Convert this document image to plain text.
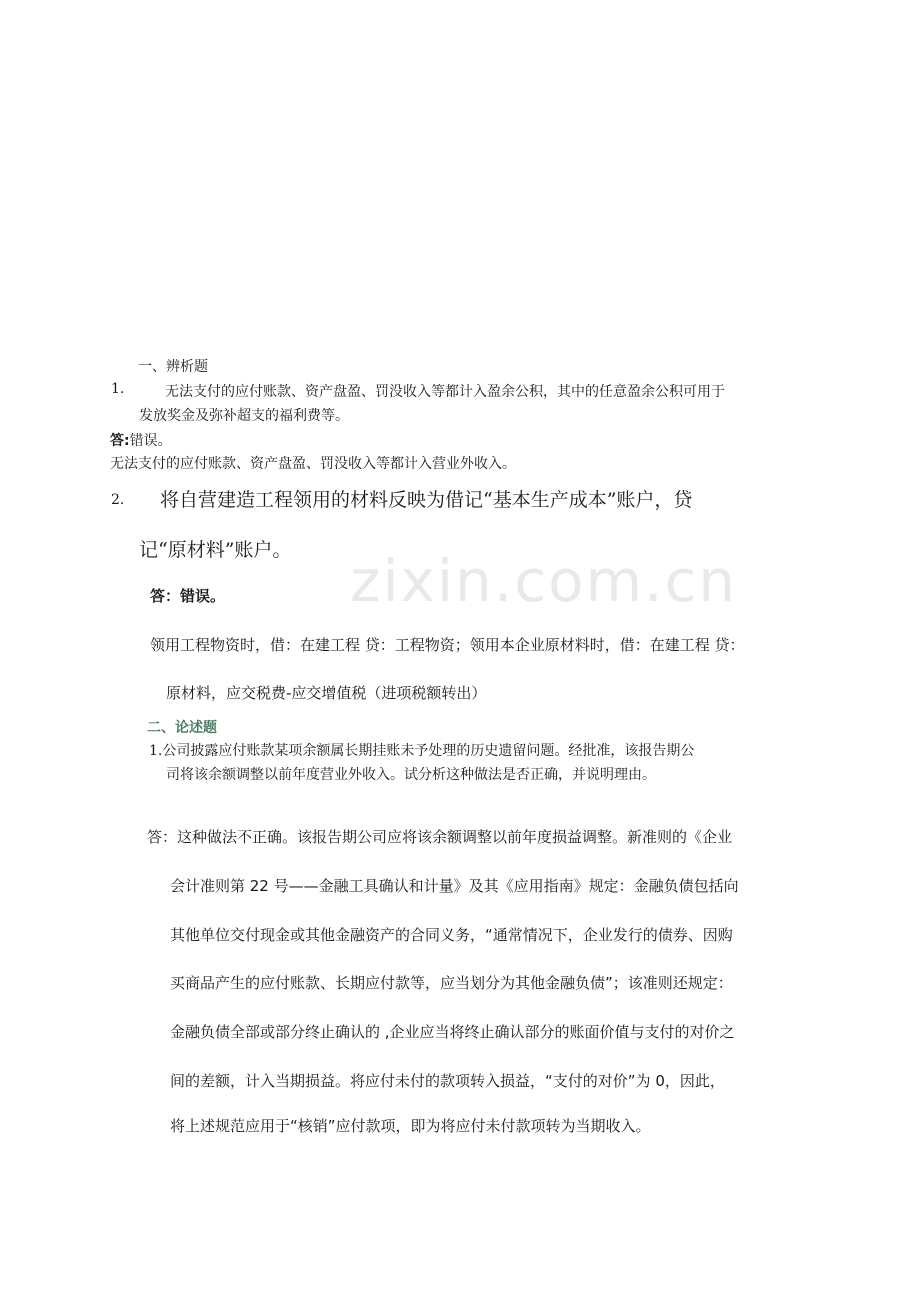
zixin.com.cn
一、辨析题
1.	无法支付的应付账款、资产盘盈、罚没收入等都计入盈余公积，其中的任意盈余公积可用于
发放奖金及弥补超支的福利费等。
答:错误。
无法支付的应付账款、资产盘盈、罚没收入等都计入营业外收入。
2. 将自营建造工程领用的材料反映为借记“基本生产成本”账户，贷
记“原材料”账户。
答：错误。
领用工程物资时，借：在建工程 贷：工程物资；领用本企业原材料时，借：在建工程 贷：
原材料，应交税费-应交增值税（进项税额转出）
二、论述题
1.公司披露应付账款某项余额属长期挂账未予处理的历史遗留问题。经批准，该报告期公
司将该余额调整以前年度营业外收入。试分析这种做法是否正确，并说明理由。
答：这种做法不正确。该报告期公司应将该余额调整以前年度损益调整。新准则的《企业
会计准则第 22 号——金融工具确认和计量》及其《应用指南》规定：金融负债包括向
其他单位交付现金或其他金融资产的合同义务，“通常情况下，企业发行的债券、因购
买商品产生的应付账款、长期应付款等，应当划分为其他金融负债”；该准则还规定：
金融负债全部或部分终止确认的 ,企业应当将终止确认部分的账面价值与支付的对价之
间的差额，计入当期损益。将应付未付的款项转入损益，“支付的对价”为 0，因此，
将上述规范应用于“核销”应付款项，即为将应付未付款项转为当期收入。
